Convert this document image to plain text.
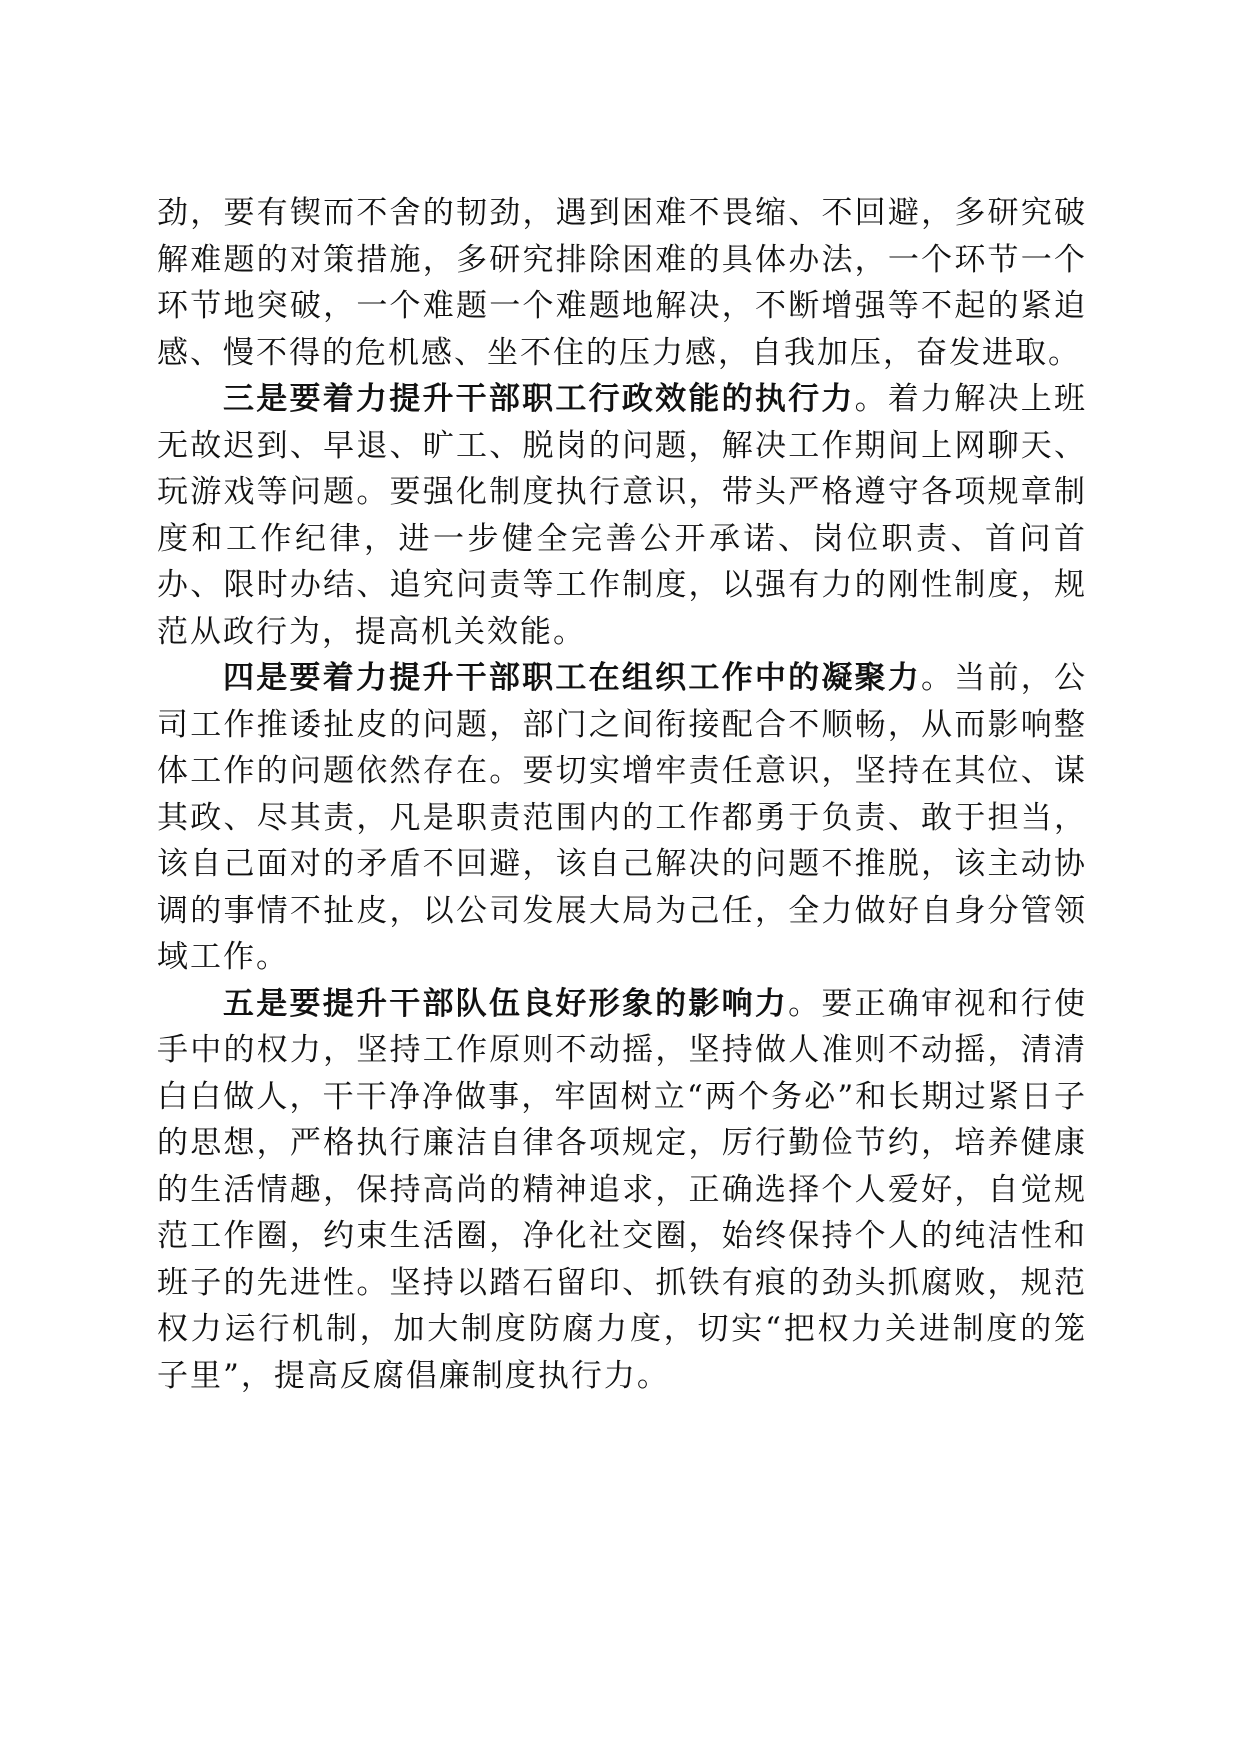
劲，要有锲而不舍的韧劲，遇到困难不畏缩、不回避，多研究破解难题的对策措施，多研究排除困难的具体办法，一个环节一个环节地突破，一个难题一个难题地解决，不断增强等不起的紧迫感、慢不得的危机感、坐不住的压力感，自我加压，奋发进取。

三是要着力提升干部职工行政效能的执行力。着力解决上班无故迟到、早退、旷工、脱岗的问题，解决工作期间上网聊天、玩游戏等问题。要强化制度执行意识，带头严格遵守各项规章制度和工作纪律，进一步健全完善公开承诺、岗位职责、首问首办、限时办结、追究问责等工作制度，以强有力的刚性制度，规范从政行为，提高机关效能。

四是要着力提升干部职工在组织工作中的凝聚力。当前，公司工作推诿扯皮的问题，部门之间衔接配合不顺畅，从而影响整体工作的问题依然存在。要切实增牢责任意识，坚持在其位、谋其政、尽其责，凡是职责范围内的工作都勇于负责、敢于担当，该自己面对的矛盾不回避，该自己解决的问题不推脱，该主动协调的事情不扯皮，以公司发展大局为己任，全力做好自身分管领域工作。

五是要提升干部队伍良好形象的影响力。要正确审视和行使手中的权力，坚持工作原则不动摇，坚持做人准则不动摇，清清白白做人，干干净净做事，牢固树立“两个务必”和长期过紧日子的思想，严格执行廉洁自律各项规定，厉行勤俭节约，培养健康的生活情趣，保持高尚的精神追求，正确选择个人爱好，自觉规范工作圈，约束生活圈，净化社交圈，始终保持个人的纯洁性和班子的先进性。坚持以踏石留印、抓铁有痕的劲头抓腐败，规范权力运行机制，加大制度防腐力度，切实“把权力关进制度的笼子里”，提高反腐倡廉制度执行力。
